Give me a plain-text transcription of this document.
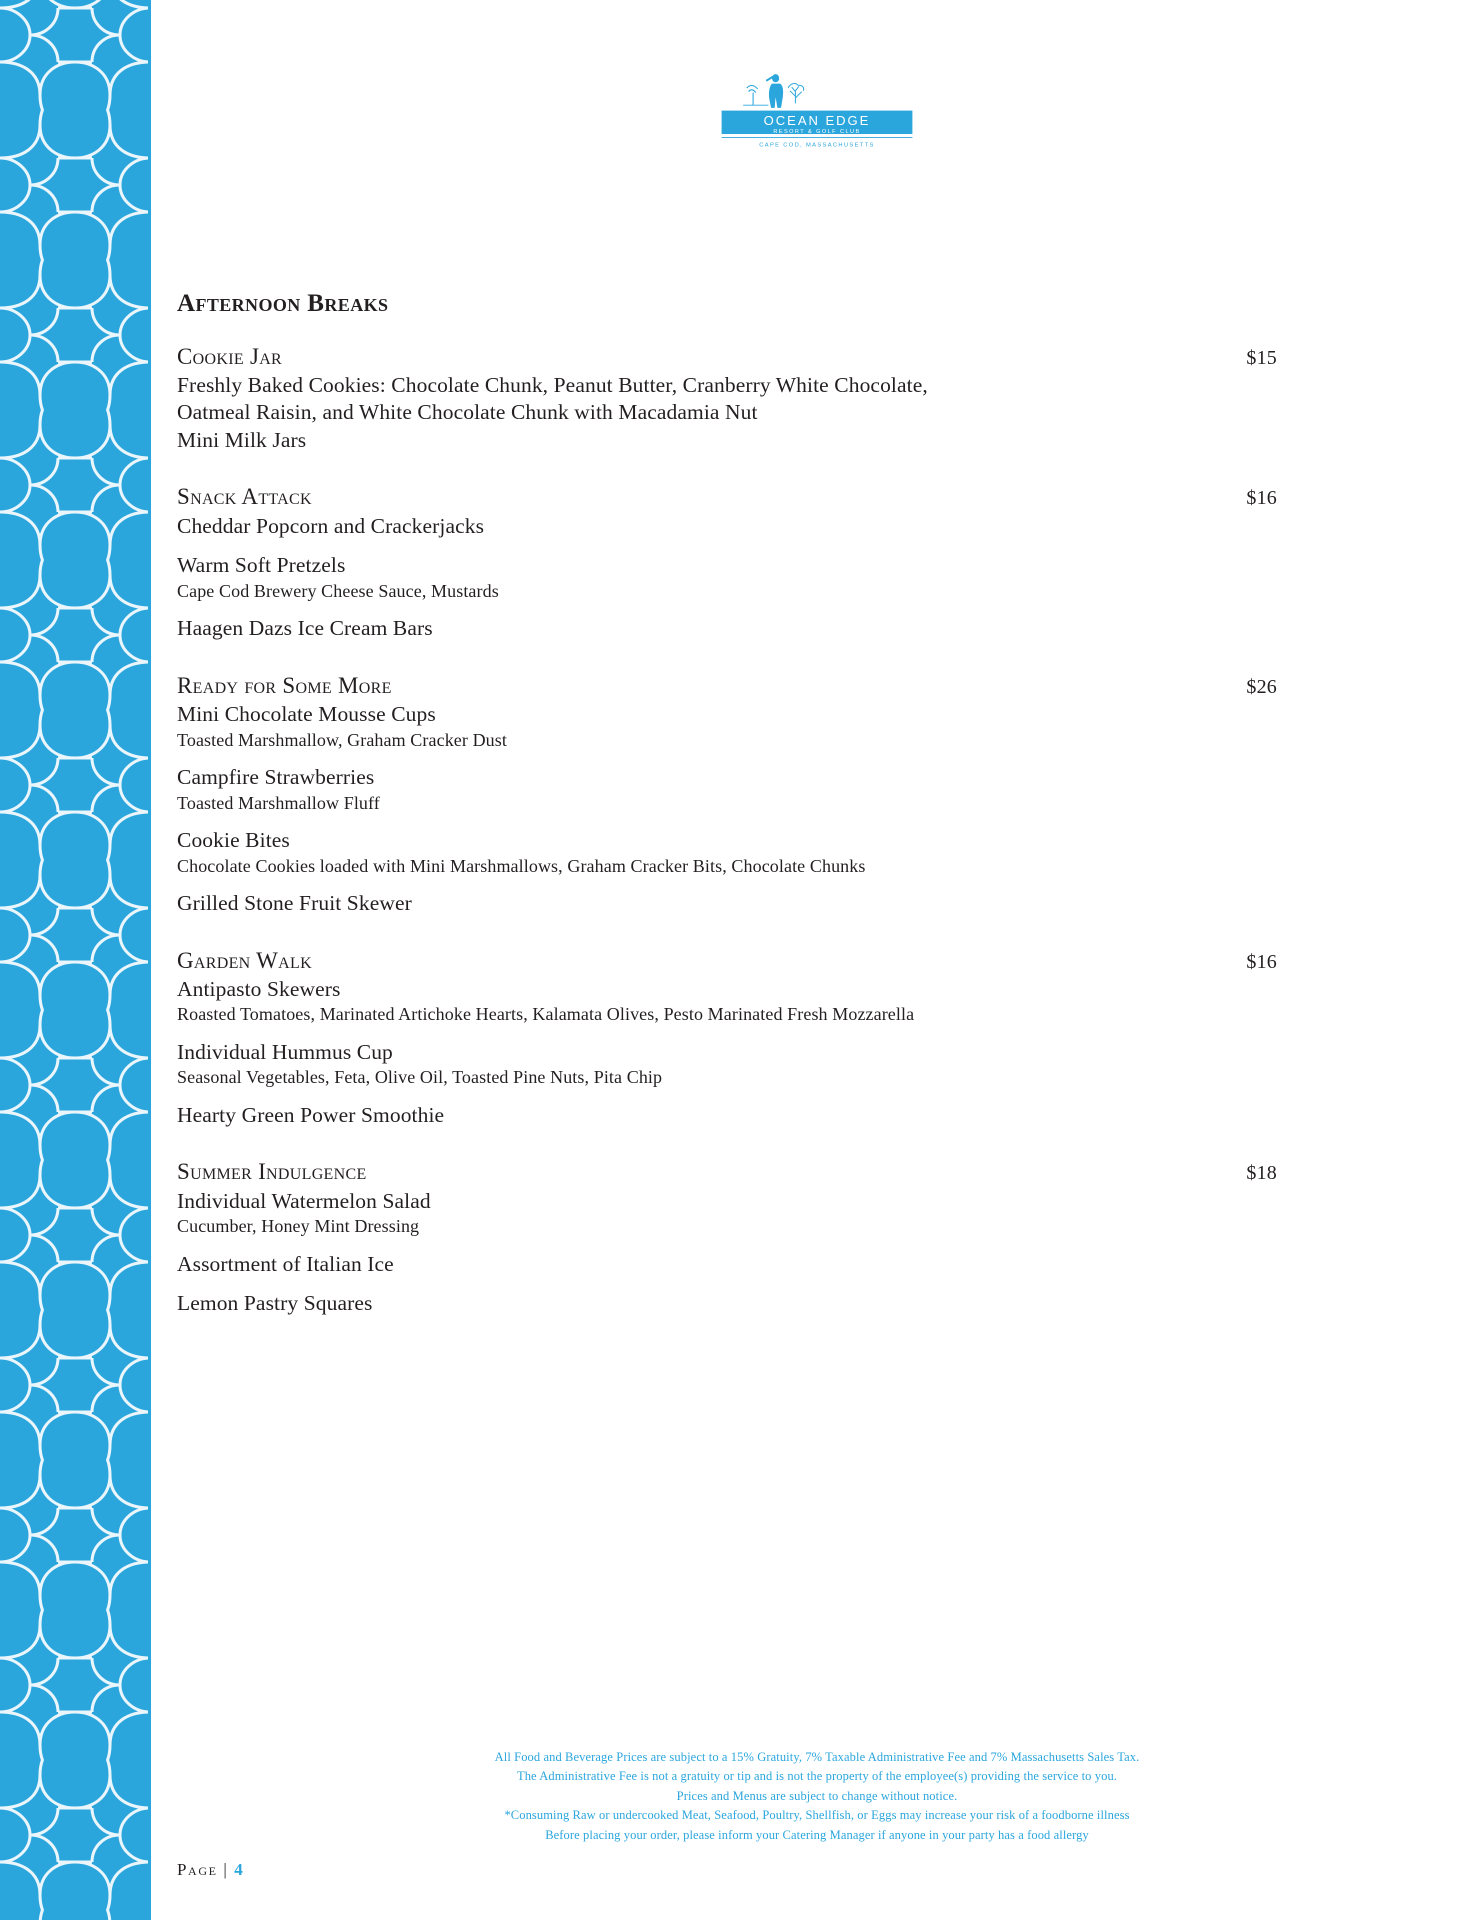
OCEAN EDGE
RESORT & GOLF CLUB
CAPE COD, MASSACHUSETTS
Afternoon Breaks
Cookie Jar	$15
Freshly Baked Cookies: Chocolate Chunk, Peanut Butter, Cranberry White Chocolate,
Oatmeal Raisin, and White Chocolate Chunk with Macadamia Nut
Mini Milk Jars
Snack Attack	$16
Cheddar Popcorn and Crackerjacks
Warm Soft Pretzels
Cape Cod Brewery Cheese Sauce, Mustards
Haagen Dazs Ice Cream Bars
Ready for Some More	$26
Mini Chocolate Mousse Cups
Toasted Marshmallow, Graham Cracker Dust
Campfire Strawberries
Toasted Marshmallow Fluff
Cookie Bites
Chocolate Cookies loaded with Mini Marshmallows, Graham Cracker Bits, Chocolate Chunks
Grilled Stone Fruit Skewer
Garden Walk	$16
Antipasto Skewers
Roasted Tomatoes, Marinated Artichoke Hearts, Kalamata Olives, Pesto Marinated Fresh Mozzarella
Individual Hummus Cup
Seasonal Vegetables, Feta, Olive Oil, Toasted Pine Nuts, Pita Chip
Hearty Green Power Smoothie
Summer Indulgence	$18
Individual Watermelon Salad
Cucumber, Honey Mint Dressing
Assortment of Italian Ice
Lemon Pastry Squares
All Food and Beverage Prices are subject to a 15% Gratuity, 7% Taxable Administrative Fee and 7% Massachusetts Sales Tax.
The Administrative Fee is not a gratuity or tip and is not the property of the employee(s) providing the service to you.
Prices and Menus are subject to change without notice.
*Consuming Raw or undercooked Meat, Seafood, Poultry, Shellfish, or Eggs may increase your risk of a foodborne illness
Before placing your order, please inform your Catering Manager if anyone in your party has a food allergy
Page | 4
